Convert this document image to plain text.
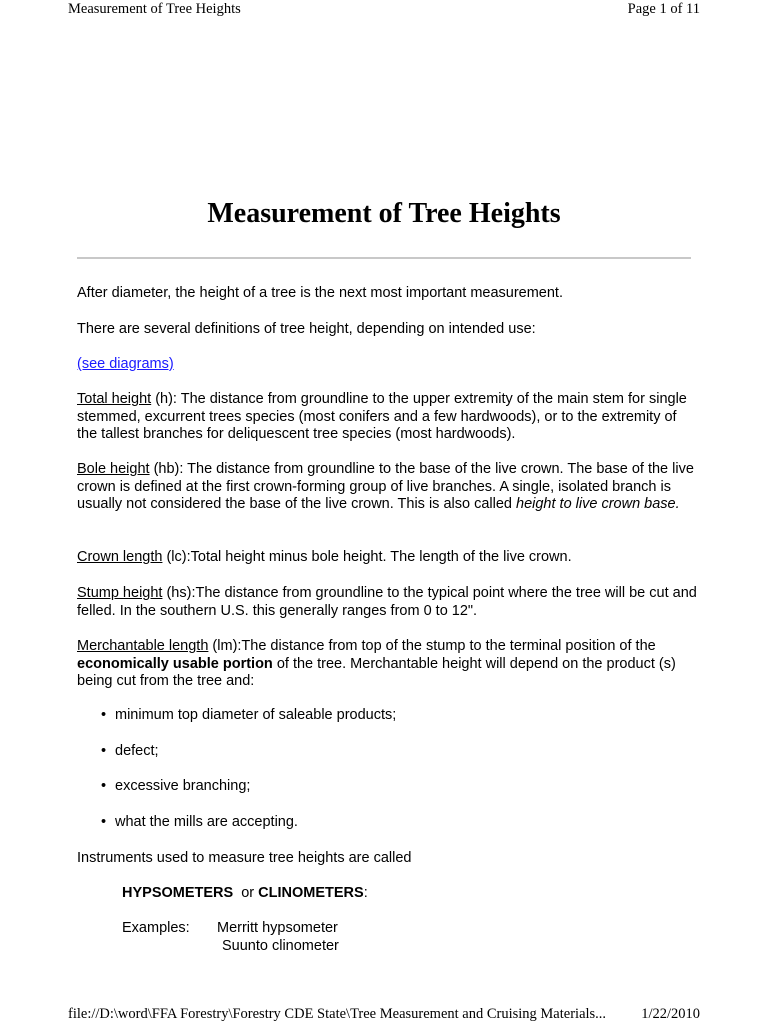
Measurement of Tree Heights	Page 1 of 11
Measurement of Tree Heights
After diameter, the height of a tree is the next most important measurement.
There are several definitions of tree height, depending on intended use:
(see diagrams)
Total height (h): The distance from groundline to the upper extremity of the main stem for single stemmed, excurrent trees species (most conifers and a few hardwoods), or to the extremity of the tallest branches for deliquescent tree species (most hardwoods).
Bole height (hb): The distance from groundline to the base of the live crown. The base of the live crown is defined at the first crown-forming group of live branches. A single, isolated branch is usually not considered the base of the live crown. This is also called height to live crown base.
Crown length (lc):Total height minus bole height. The length of the live crown.
Stump height (hs):The distance from groundline to the typical point where the tree will be cut and felled. In the southern U.S. this generally ranges from 0 to 12".
Merchantable length (lm):The distance from top of the stump to the terminal position of the economically usable portion of the tree. Merchantable height will depend on the product (s) being cut from the tree and:
• minimum top diameter of saleable products;
• defect;
• excessive branching;
• what the mills are accepting.
Instruments used to measure tree heights are called
HYPSOMETERS  or CLINOMETERS:
Examples:	Merritt hypsometer
Suunto clinometer
file://D:\word\FFA Forestry\Forestry CDE State\Tree Measurement and Cruising Materials... 1/22/2010
